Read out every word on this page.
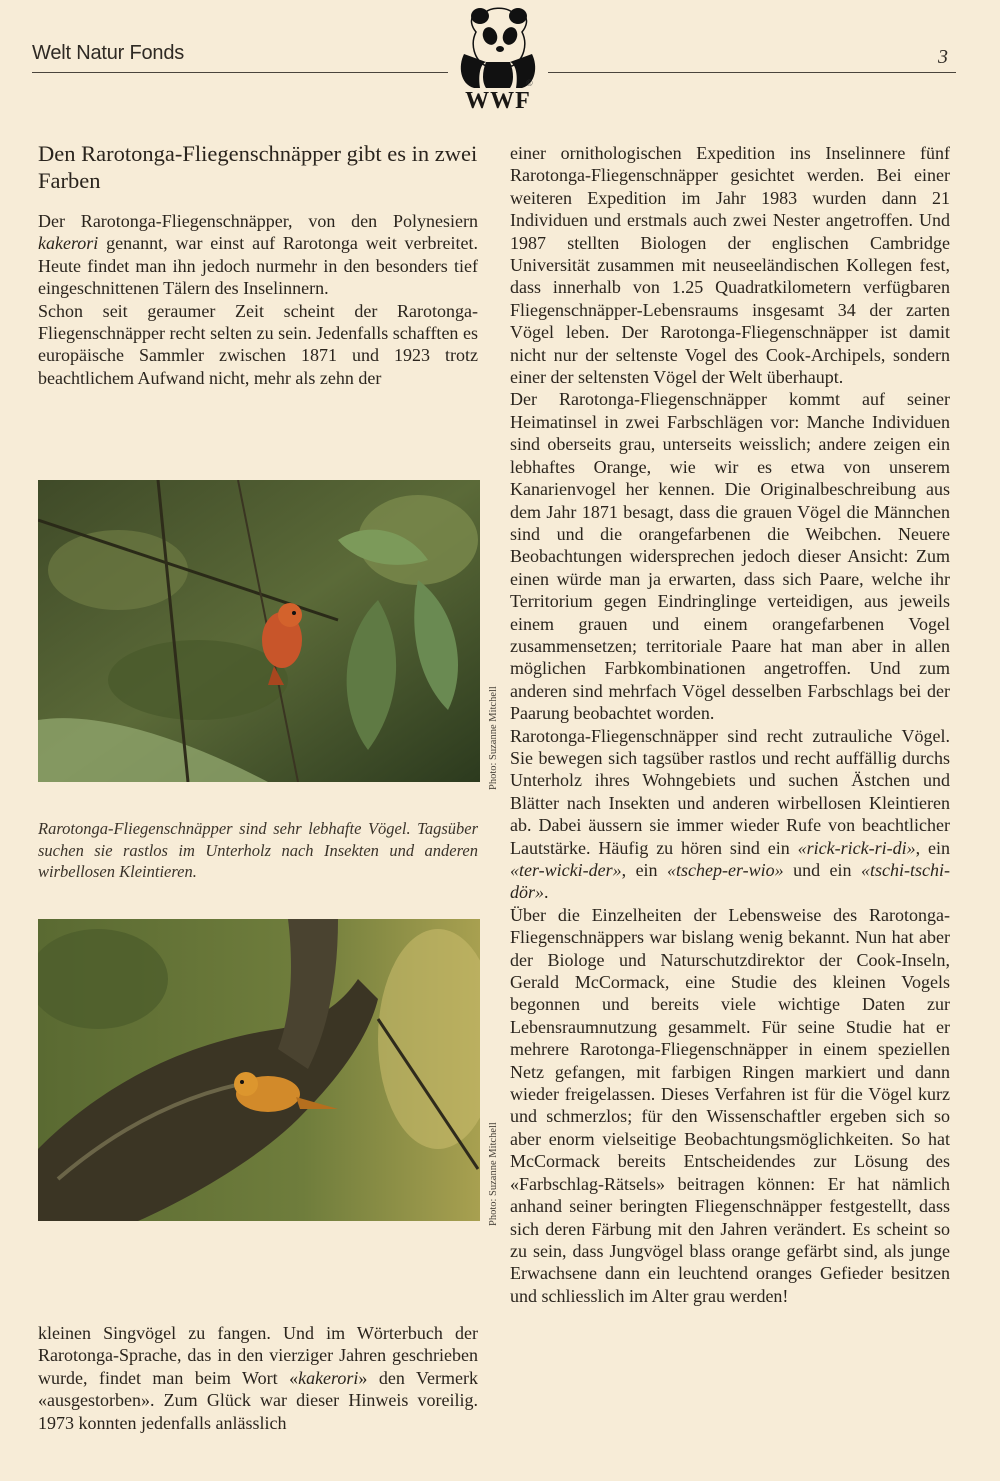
Welt Natur Fonds	3
©
WWF
Den Rarotonga-Fliegenschnäpper gibt es in zwei Farben
Der Rarotonga-Fliegenschnäpper, von den Polynesiern kakerori genannt, war einst auf Rarotonga weit verbreitet. Heute findet man ihn jedoch nurmehr in den besonders tief eingeschnittenen Tälern des Inselinnern.
Schon seit geraumer Zeit scheint der Rarotonga-Fliegenschnäpper recht selten zu sein. Jedenfalls schafften es europäische Sammler zwischen 1871 und 1923 trotz beachtlichem Aufwand nicht, mehr als zehn der
Photo: Suzanne Mitchell
Rarotonga-Fliegenschnäpper sind sehr lebhafte Vögel. Tagsüber suchen sie rastlos im Unterholz nach Insekten und anderen wirbellosen Kleintieren.
Photo: Suzanne Mitchell
kleinen Singvögel zu fangen. Und im Wörterbuch der Rarotonga-Sprache, das in den vierziger Jahren geschrieben wurde, findet man beim Wort «kakerori» den Vermerk «ausgestorben». Zum Glück war dieser Hinweis voreilig. 1973 konnten jedenfalls anlässlich
einer ornithologischen Expedition ins Inselinnere fünf Rarotonga-Fliegenschnäpper gesichtet werden. Bei einer weiteren Expedition im Jahr 1983 wurden dann 21 Individuen und erstmals auch zwei Nester angetroffen. Und 1987 stellten Biologen der englischen Cambridge Universität zusammen mit neuseeländischen Kollegen fest, dass innerhalb von 1.25 Quadratkilometern verfügbaren Fliegenschnäpper-Lebensraums insgesamt 34 der zarten Vögel leben. Der Rarotonga-Fliegenschnäpper ist damit nicht nur der seltenste Vogel des Cook-Archipels, sondern einer der seltensten Vögel der Welt überhaupt.
Der Rarotonga-Fliegenschnäpper kommt auf seiner Heimatinsel in zwei Farbschlägen vor: Manche Individuen sind oberseits grau, unterseits weisslich; andere zeigen ein lebhaftes Orange, wie wir es etwa von unserem Kanarienvogel her kennen. Die Originalbeschreibung aus dem Jahr 1871 besagt, dass die grauen Vögel die Männchen sind und die orangefarbenen die Weibchen. Neuere Beobachtungen widersprechen jedoch dieser Ansicht: Zum einen würde man ja erwarten, dass sich Paare, welche ihr Territorium gegen Eindringlinge verteidigen, aus jeweils einem grauen und einem orangefarbenen Vogel zusammensetzen; territoriale Paare hat man aber in allen möglichen Farbkombinationen angetroffen. Und zum anderen sind mehrfach Vögel desselben Farbschlags bei der Paarung beobachtet worden.
Rarotonga-Fliegenschnäpper sind recht zutrauliche Vögel. Sie bewegen sich tagsüber rastlos und recht auffällig durchs Unterholz ihres Wohngebiets und suchen Ästchen und Blätter nach Insekten und anderen wirbellosen Kleintieren ab. Dabei äussern sie immer wieder Rufe von beachtlicher Lautstärke. Häufig zu hören sind ein «rick-rick-ri-di», ein «ter-wicki-der», ein «tschep-er-wio» und ein «tschi-tschi-dör».
Über die Einzelheiten der Lebensweise des Rarotonga-Fliegenschnäppers war bislang wenig bekannt. Nun hat aber der Biologe und Naturschutzdirektor der Cook-Inseln, Gerald McCormack, eine Studie des kleinen Vogels begonnen und bereits viele wichtige Daten zur Lebensraumnutzung gesammelt. Für seine Studie hat er mehrere Rarotonga-Fliegenschnäpper in einem speziellen Netz gefangen, mit farbigen Ringen markiert und dann wieder freigelassen. Dieses Verfahren ist für die Vögel kurz und schmerzlos; für den Wissenschaftler ergeben sich so aber enorm vielseitige Beobachtungsmöglichkeiten. So hat McCormack bereits Entscheidendes zur Lösung des «Farbschlag-Rätsels» beitragen können: Er hat nämlich anhand seiner beringten Fliegenschnäpper festgestellt, dass sich deren Färbung mit den Jahren verändert. Es scheint so zu sein, dass Jungvögel blass orange gefärbt sind, als junge Erwachsene dann ein leuchtend oranges Gefieder besitzen und schliesslich im Alter grau werden!
